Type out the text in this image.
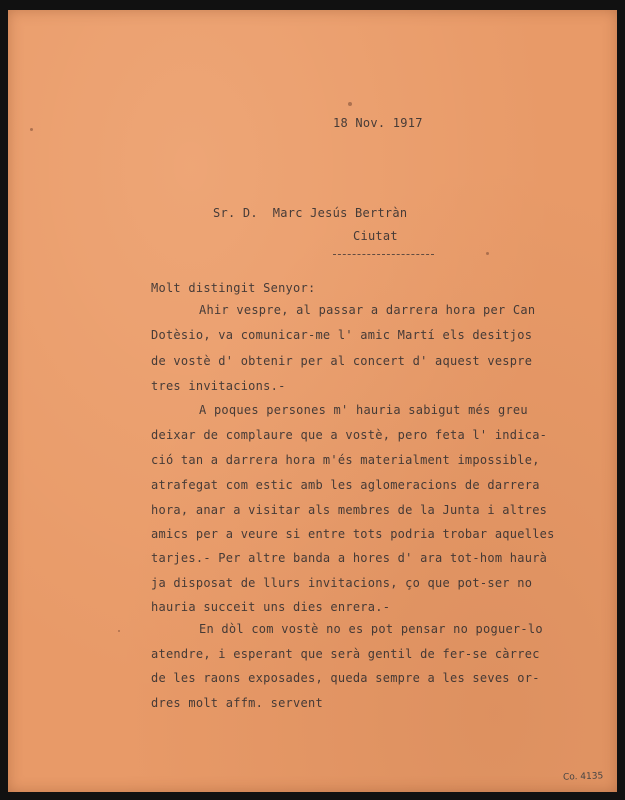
18 Nov. 1917

Sr. D.  Marc Jesús Bertràn

Ciutat

Molt distingit Senyor:

Ahir vespre, al passar a darrera hora per Can

Dotèsio, va comunicar-me l' amic Martí els desitjos

de vostè d' obtenir per al concert d' aquest vespre

tres invitacions.-

A poques persones m' hauria sabigut més greu

deixar de complaure que a vostè, pero feta l' indica-

ció tan a darrera hora m'és materialment impossible,

atrafegat com estic amb les aglomeracions de darrera

hora, anar a visitar als membres de la Junta i altres

amics per a veure si entre tots podria trobar aquelles

tarjes.- Per altre banda a hores d' ara tot-hom haurà

ja disposat de llurs invitacions, ço que pot-ser no

hauria succeit uns dies enrera.-

En dòl com vostè no es pot pensar no poguer-lo

atendre, i esperant que serà gentil de fer-se càrrec

de les raons exposades, queda sempre a les seves or-

dres molt affm. servent

Co. 4135
